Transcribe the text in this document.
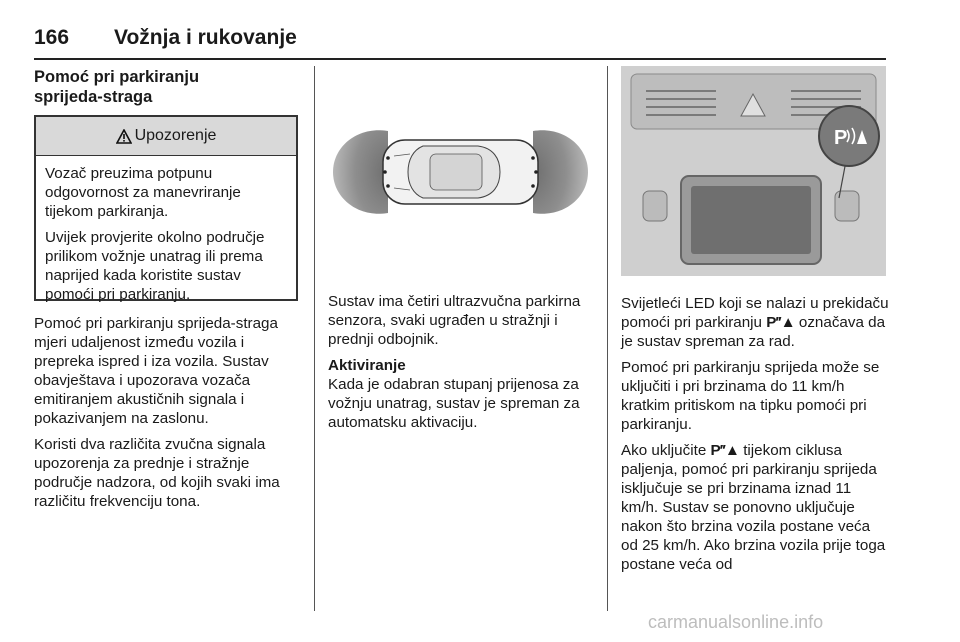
166 Vožnja i rukovanje
Pomoć pri parkiranju
sprijeda-straga
Upozorenje

Vozač preuzima potpunu odgovornost za manevriranje tijekom parkiranja.

Uvijek provjerite okolno područje prilikom vožnje unatrag ili prema naprijed kada koristite sustav pomoći pri parkiranju.

Pomoć pri parkiranju sprijeda-straga mjeri udaljenost između vozila i prepreka ispred i iza vozila. Sustav obavještava i upozorava vozača emitiranjem akustičnih signala i pokazivanjem na zaslonu.

Koristi dva različita zvučna signala upozorenja za prednje i stražnje područje nadzora, od kojih svaki ima različitu frekvenciju tona.

Sustav ima četiri ultrazvučna parkirna senzora, svaki ugrađen u stražnji i prednji odbojnik.

Aktiviranje

Kada je odabran stupanj prijenosa za vožnju unatrag, sustav je spreman za automatsku aktivaciju.

P

Svijetleći LED koji se nalazi u prekidaču pomoći pri parkiranju P′′▲ označava da je sustav spreman za rad.

Pomoć pri parkiranju sprijeda može se uključiti i pri brzinama do 11 km/h kratkim pritiskom na tipku pomoći pri parkiranju.

Ako uključite P′′▲ tijekom ciklusa paljenja, pomoć pri parkiranju sprijeda isključuje se pri brzinama iznad 11 km/h. Sustav se ponovno uključuje nakon što brzina vozila postane veća od 25 km/h. Ako brzina vozila prije toga postane veća od

carmanualsonline.info
